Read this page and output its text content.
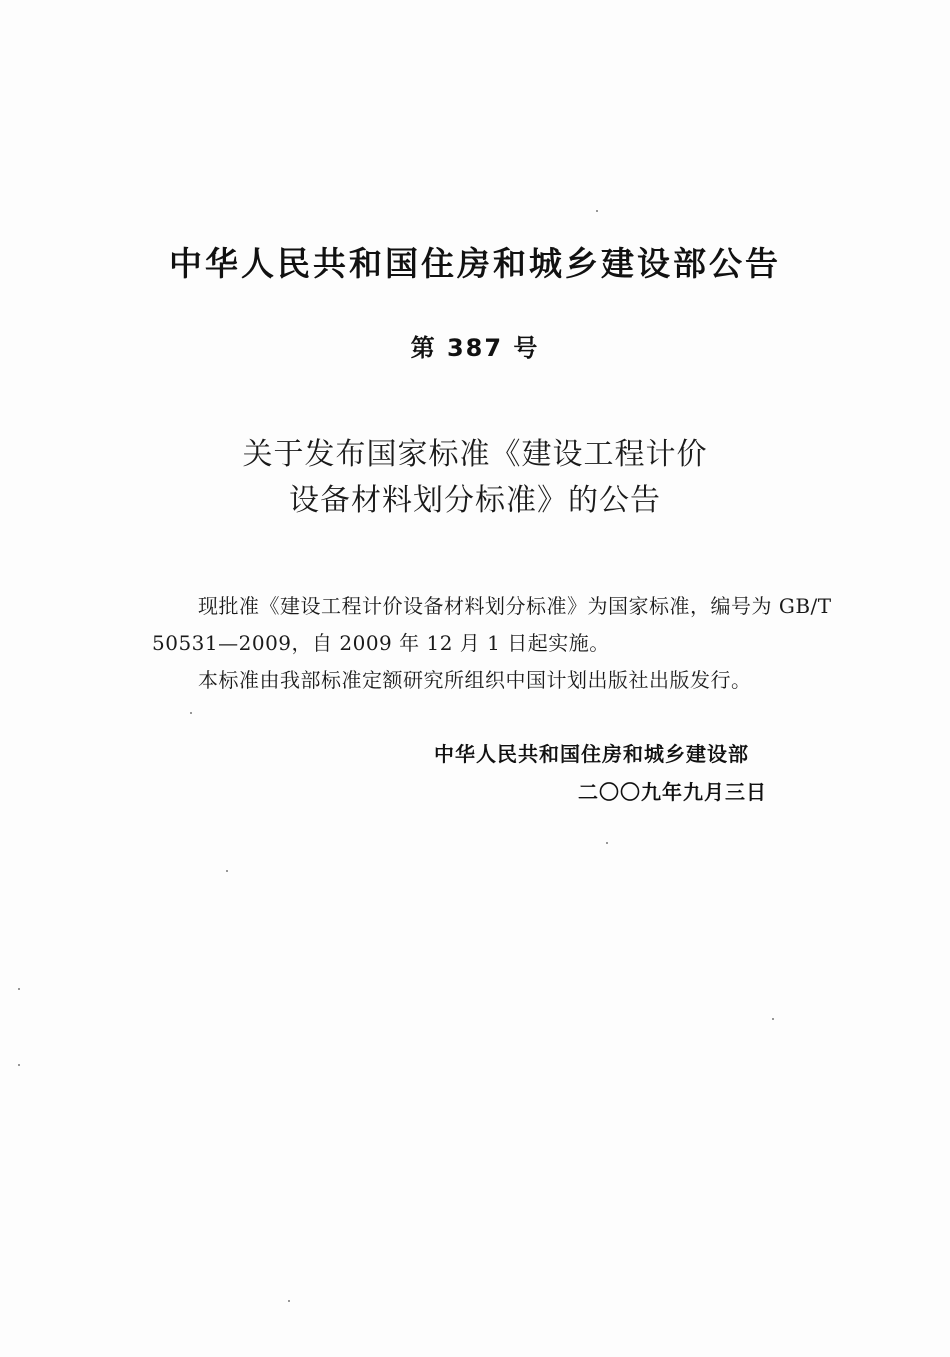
中华人民共和国住房和城乡建设部公告
第 387 号
关于发布国家标准《建设工程计价
设备材料划分标准》的公告
现批准《建设工程计价设备材料划分标准》为国家标准，编号为 GB/T 50531—2009，自 2009 年 12 月 1 日起实施。
本标准由我部标准定额研究所组织中国计划出版社出版发行。
中华人民共和国住房和城乡建设部
二〇〇九年九月三日
